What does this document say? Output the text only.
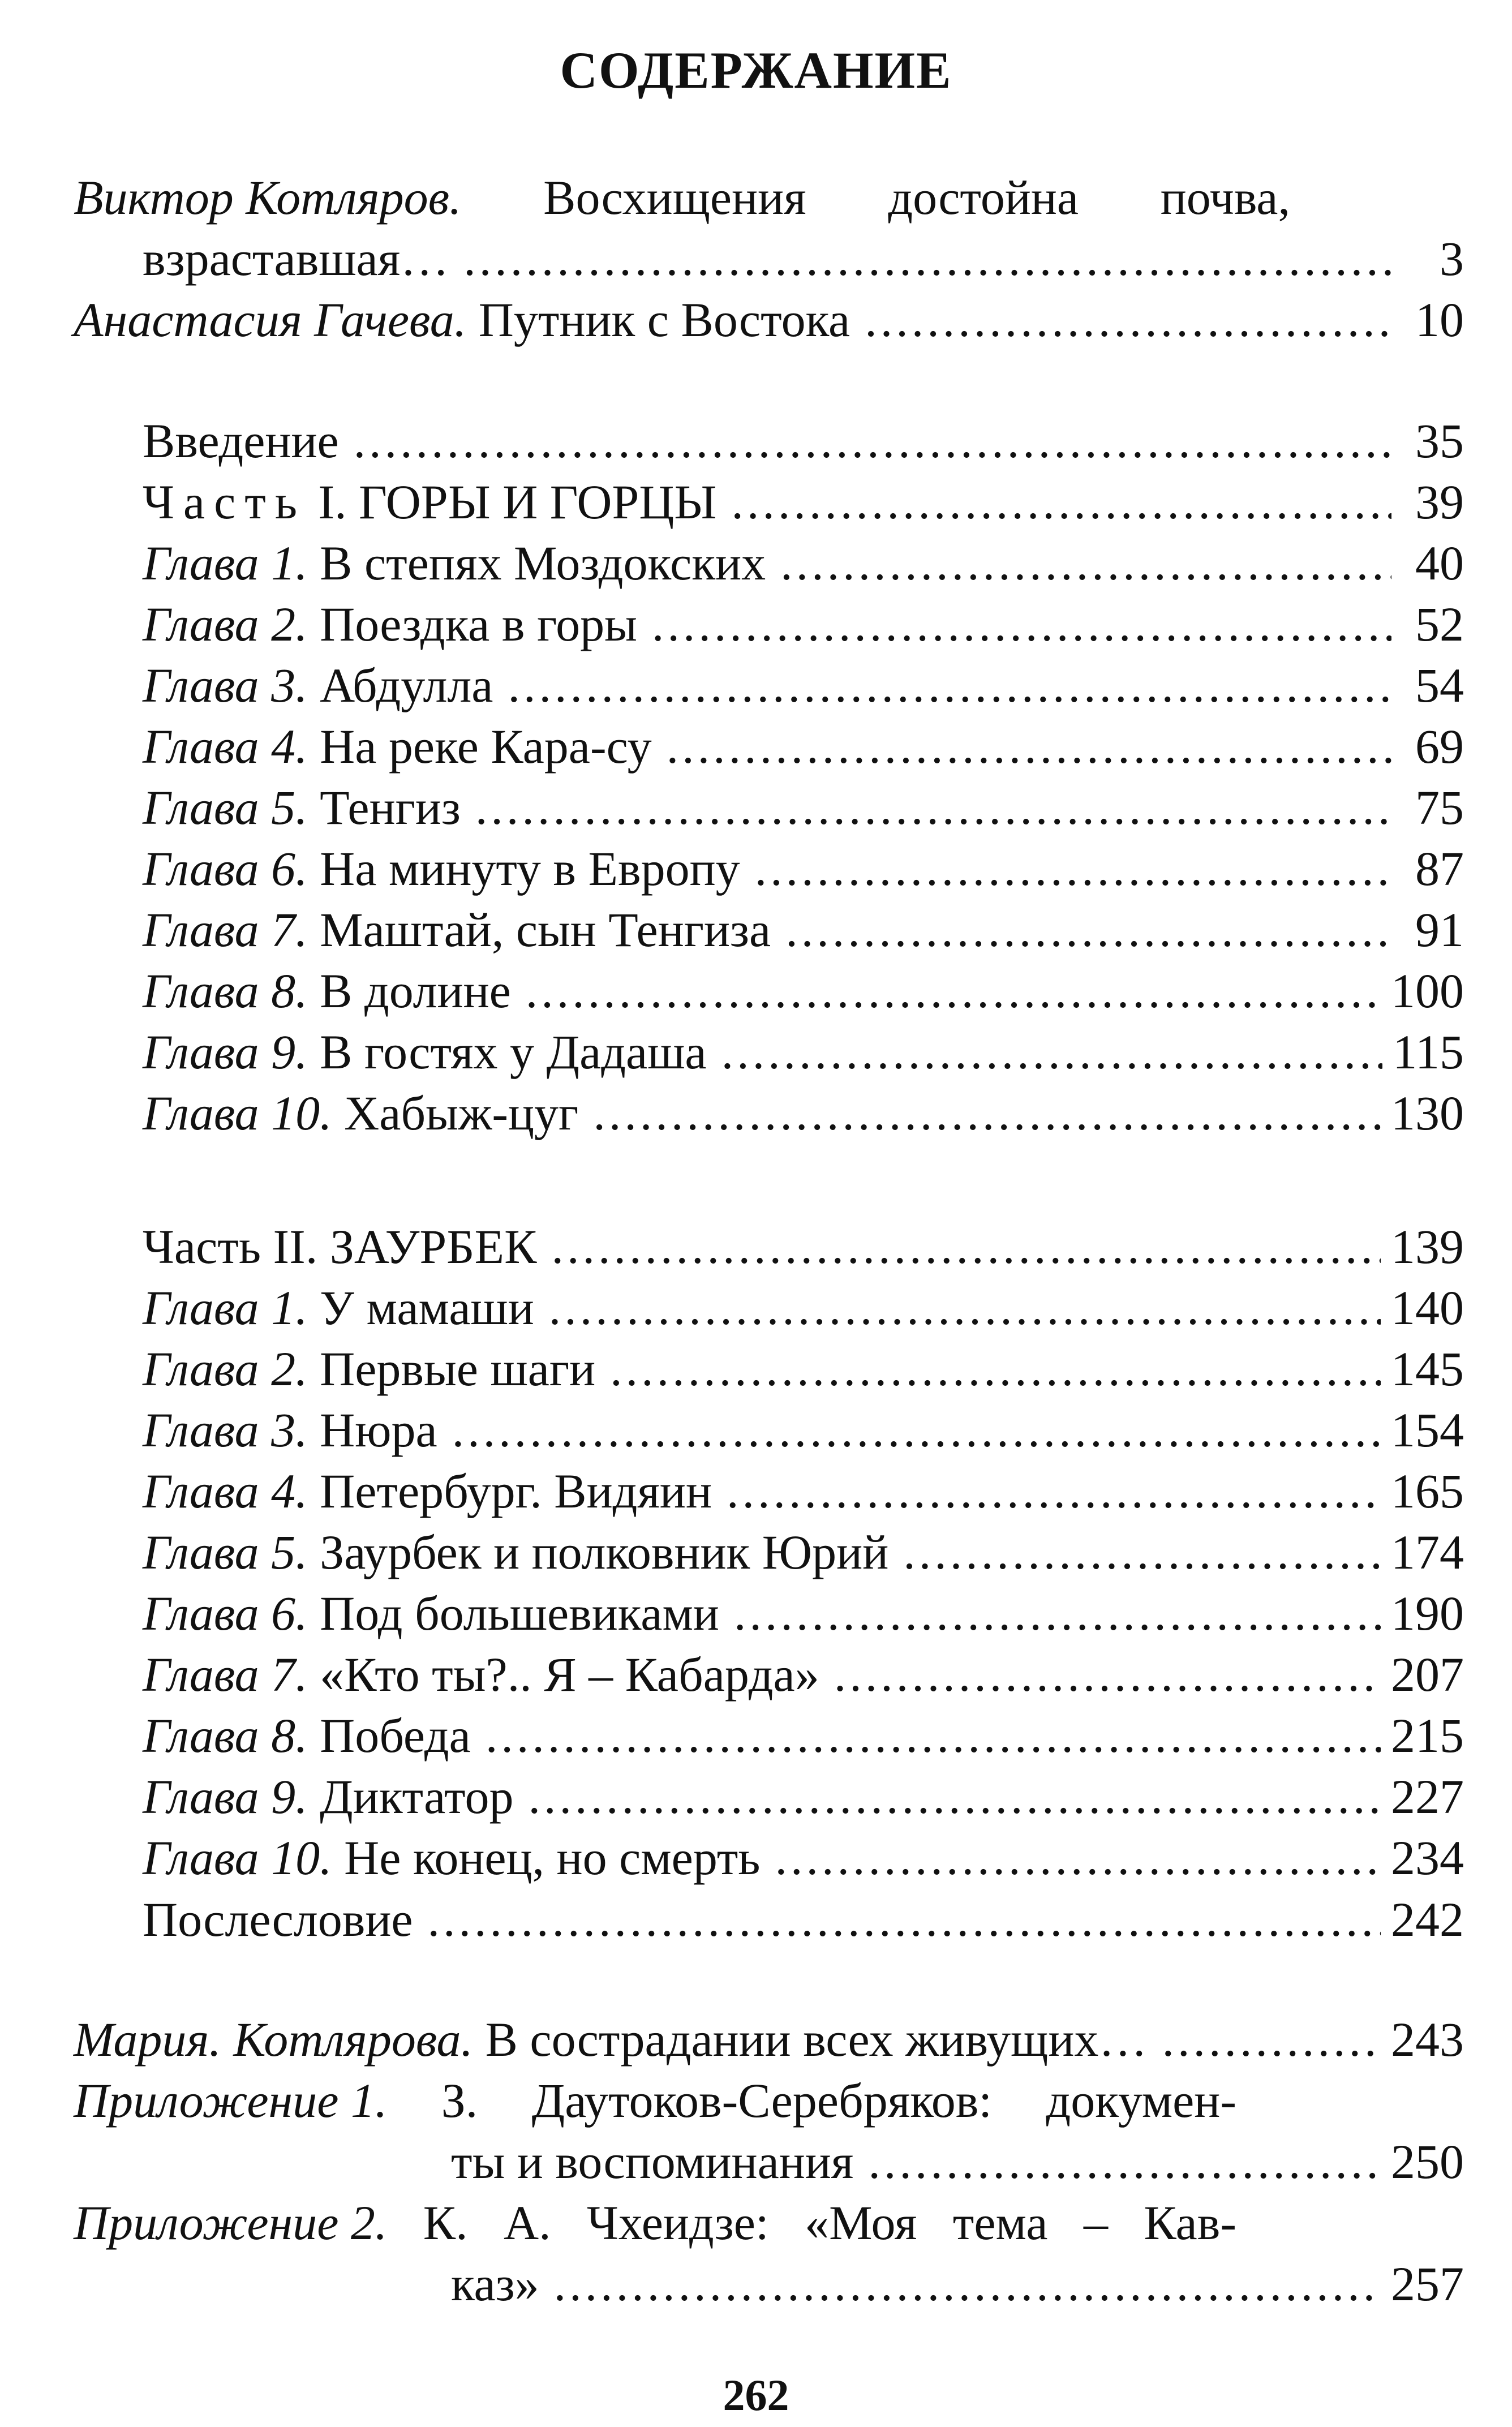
СОДЕРЖАНИЕ
Виктор Котляров. Восхищения достойна почва,
взраставшая… .....	3
Анастасия Гачева. Путник с Востока .....	10
Введение .....	35
Часть I. ГОРЫ И ГОРЦЫ .....	39
Глава 1. В степях Моздокских .....	40
Глава 2. Поездка в горы .....	52
Глава 3. Абдулла .....	54
Глава 4. На реке Кара-су .....	69
Глава 5. Тенгиз .....	75
Глава 6. На минуту в Европу .....	87
Глава 7. Маштай, сын Тенгиза .....	91
Глава 8. В долине .....	100
Глава 9. В гостях у Дадаша .....	115
Глава 10. Хабыж-цуг .....	130
Часть II. ЗАУРБЕК .....	139
Глава 1. У мамаши .....	140
Глава 2. Первые шаги .....	145
Глава 3. Нюра .....	154
Глава 4. Петербург. Видяин .....	165
Глава 5. Заурбек и полковник Юрий .....	174
Глава 6. Под большевиками .....	190
Глава 7. «Кто ты?.. Я – Кабарда» .....	207
Глава 8. Победа .....	215
Глава 9. Диктатор .....	227
Глава 10. Не конец, но смерть .....	234
Послесловие .....	242
Мария. Котлярова. В сострадании всех живущих… .....	243
Приложение 1. З. Даутоков-Серебряков: докумен-
ты и воспоминания .....	250
Приложение 2. К. А. Чхеидзе: «Моя тема – Кав-
каз» .....	257
262
